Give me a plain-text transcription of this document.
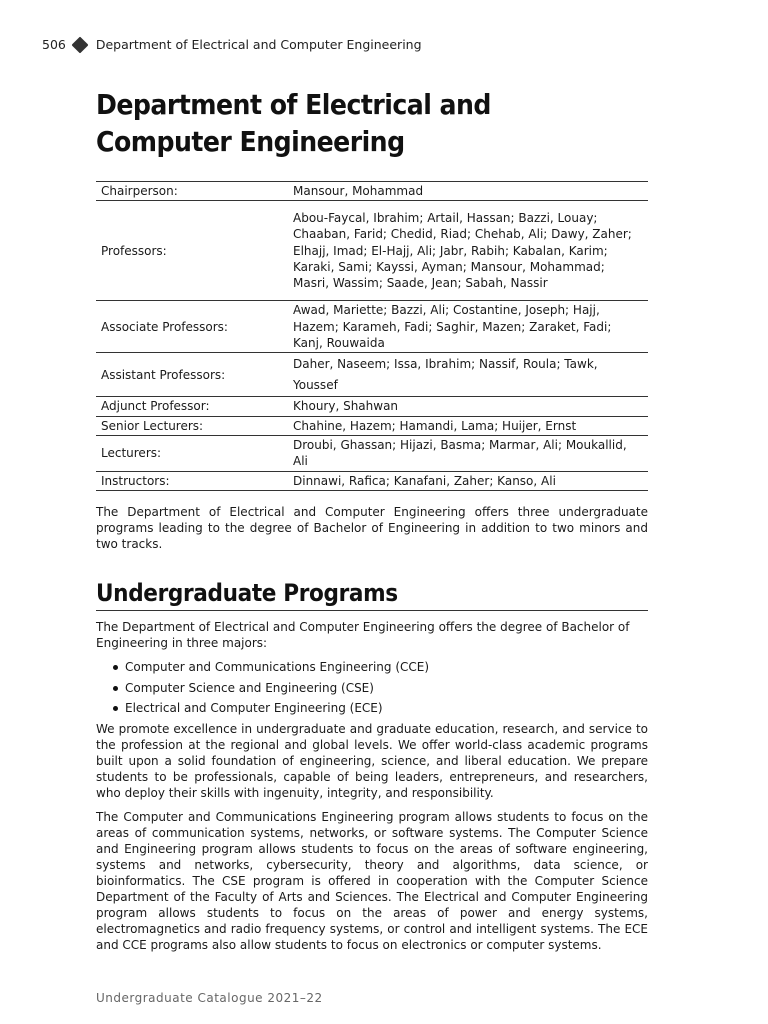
506 Department of Electrical and Computer Engineering
Department of Electrical and
Computer Engineering
Chairperson:	Mansour, Mohammad
Professors:	Abou-Faycal, Ibrahim; Artail, Hassan; Bazzi, Louay; Chaaban, Farid; Chedid, Riad; Chehab, Ali; Dawy, Zaher; Elhajj, Imad; El-Hajj, Ali; Jabr, Rabih; Kabalan, Karim; Karaki, Sami; Kayssi, Ayman; Mansour, Mohammad; Masri, Wassim; Saade, Jean; Sabah, Nassir
Associate Professors:	Awad, Mariette; Bazzi, Ali; Costantine, Joseph; Hajj, Hazem; Karameh, Fadi; Saghir, Mazen; Zaraket, Fadi; Kanj, Rouwaida
Assistant Professors:	Daher, Naseem; Issa, Ibrahim; Nassif, Roula; Tawk, Youssef
Adjunct Professor:	Khoury, Shahwan
Senior Lecturers:	Chahine, Hazem; Hamandi, Lama; Huijer, Ernst
Lecturers:	Droubi, Ghassan; Hijazi, Basma; Marmar, Ali; Moukallid, Ali
Instructors:	Dinnawi, Rafica; Kanafani, Zaher; Kanso, Ali

The Department of Electrical and Computer Engineering offers three undergraduate programs leading to the degree of Bachelor of Engineering in addition to two minors and two tracks.

Undergraduate Programs

The Department of Electrical and Computer Engineering offers the degree of Bachelor of Engineering in three majors:

Computer and Communications Engineering (CCE)
Computer Science and Engineering (CSE)
Electrical and Computer Engineering (ECE)

We promote excellence in undergraduate and graduate education, research, and service to the profession at the regional and global levels. We offer world-class academic programs built upon a solid foundation of engineering, science, and liberal education. We prepare students to be professionals, capable of being leaders, entrepreneurs, and researchers, who deploy their skills with ingenuity, integrity, and responsibility.

The Computer and Communications Engineering program allows students to focus on the areas of communication systems, networks, or software systems. The Computer Science and Engineering program allows students to focus on the areas of software engineering, systems and networks, cybersecurity, theory and algorithms, data science, or bioinformatics. The CSE program is offered in cooperation with the Computer Science Department of the Faculty of Arts and Sciences. The Electrical and Computer Engineering program allows students to focus on the areas of power and energy systems, electromagnetics and radio frequency systems, or control and intelligent systems. The ECE and CCE programs also allow students to focus on electronics or computer systems.

Undergraduate Catalogue 2021–22
